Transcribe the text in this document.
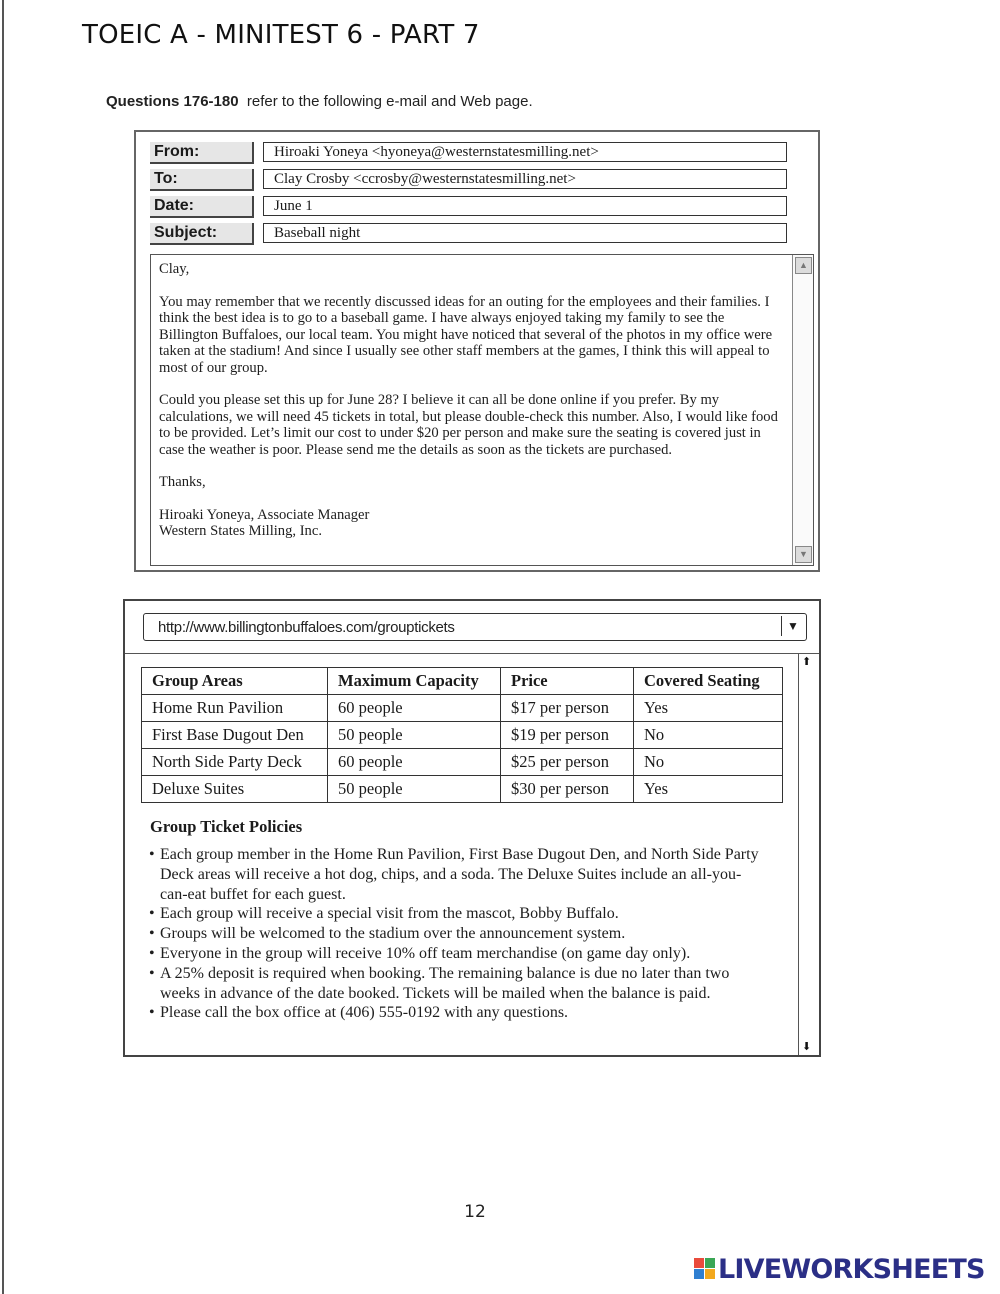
TOEIC A - MINITEST 6 - PART 7
Questions 176-180 refer to the following e-mail and Web page.
From:	Hiroaki Yoneya <hyoneya@westernstatesmilling.net>
To:	Clay Crosby <ccrosby@westernstatesmilling.net>
Date:	June 1
Subject:	Baseball night

Clay,

You may remember that we recently discussed ideas for an outing for the employees and their families. I think the best idea is to go to a baseball game. I have always enjoyed taking my family to see the Billington Buffaloes, our local team. You might have noticed that several of the photos in my office were taken at the stadium! And since I usually see other staff members at the games, I think this will appeal to most of our group.

Could you please set this up for June 28? I believe it can all be done online if you prefer. By my calculations, we will need 45 tickets in total, but please double-check this number. Also, I would like food to be provided. Let’s limit our cost to under $20 per person and make sure the seating is covered just in case the weather is poor. Please send me the details as soon as the tickets are purchased.

Thanks,

Hiroaki Yoneya, Associate Manager
Western States Milling, Inc.
▲
▼
http://www.billingtonbuffaloes.com/grouptickets	▼
⬆
⬇
Group Areas	Maximum Capacity	Price	Covered Seating
Home Run Pavilion	60 people	$17 per person	Yes
First Base Dugout Den	50 people	$19 per person	No
North Side Party Deck	60 people	$25 per person	No
Deluxe Suites	50 people	$30 per person	Yes
Group Ticket Policies
• Each group member in the Home Run Pavilion, First Base Dugout Den, and North Side Party Deck areas will receive a hot dog, chips, and a soda. The Deluxe Suites include an all-you-can-eat buffet for each guest.
• Each group will receive a special visit from the mascot, Bobby Buffalo.
• Groups will be welcomed to the stadium over the announcement system.
• Everyone in the group will receive 10% off team merchandise (on game day only).
• A 25% deposit is required when booking. The remaining balance is due no later than two weeks in advance of the date booked. Tickets will be mailed when the balance is paid.
• Please call the box office at (406) 555-0192 with any questions.
12
LIVEWORKSHEETS
